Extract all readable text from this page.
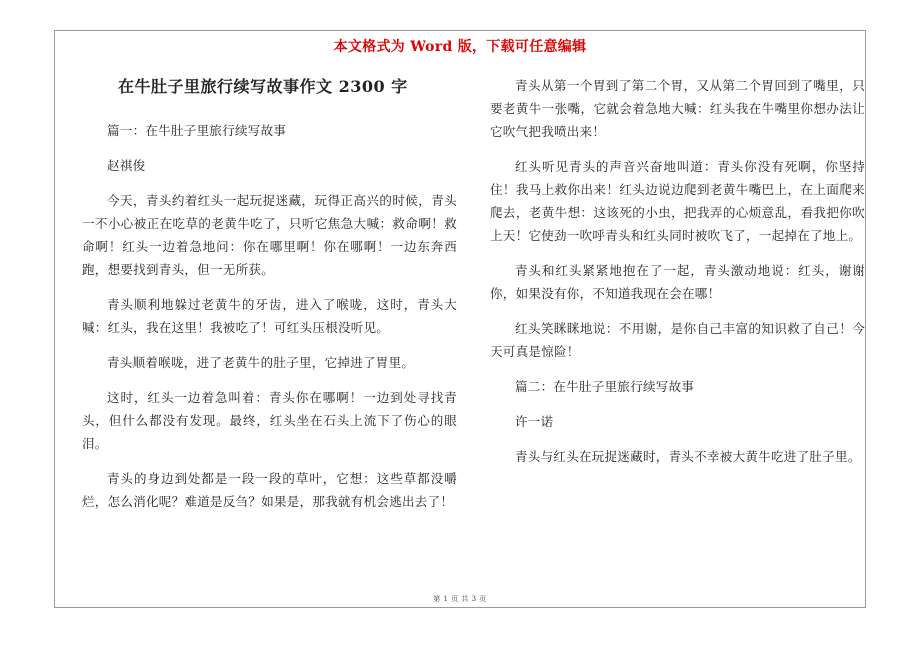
本文格式为 Word 版，下载可任意编辑
在牛肚子里旅行续写故事作文 2300 字

篇一：在牛肚子里旅行续写故事

赵祺俊

今天，青头约着红头一起玩捉迷藏，玩得正高兴的时候，青头一不小心被正在吃草的老黄牛吃了，只听它焦急大喊：救命啊！救命啊！红头一边着急地问：你在哪里啊！你在哪啊！一边东奔西跑，想要找到青头，但一无所获。

青头顺利地躲过老黄牛的牙齿，进入了喉咙，这时，青头大喊：红头，我在这里！我被吃了！可红头压根没听见。

青头顺着喉咙，进了老黄牛的肚子里，它掉进了胃里。

这时，红头一边着急叫着：青头你在哪啊！一边到处寻找青头，但什么都没有发现。最终，红头坐在石头上流下了伤心的眼泪。

青头的身边到处都是一段一段的草叶，它想：这些草都没嚼烂，怎么消化呢？难道是反刍？如果是，那我就有机会逃出去了！

青头从第一个胃到了第二个胃，又从第二个胃回到了嘴里，只要老黄牛一张嘴，它就会着急地大喊：红头我在牛嘴里你想办法让它吹气把我喷出来！

红头听见青头的声音兴奋地叫道：青头你没有死啊，你坚持住！我马上救你出来！红头边说边爬到老黄牛嘴巴上，在上面爬来爬去，老黄牛想：这该死的小虫，把我弄的心烦意乱，看我把你吹上天！它使劲一吹呼青头和红头同时被吹飞了，一起掉在了地上。

青头和红头紧紧地抱在了一起，青头激动地说：红头，谢谢你，如果没有你，不知道我现在会在哪！

红头笑眯眯地说：不用谢，是你自己丰富的知识救了自己！今天可真是惊险！

篇二：在牛肚子里旅行续写故事

许一诺

青头与红头在玩捉迷藏时，青头不幸被大黄牛吃进了肚子里。

第 1 页 共 3 页
